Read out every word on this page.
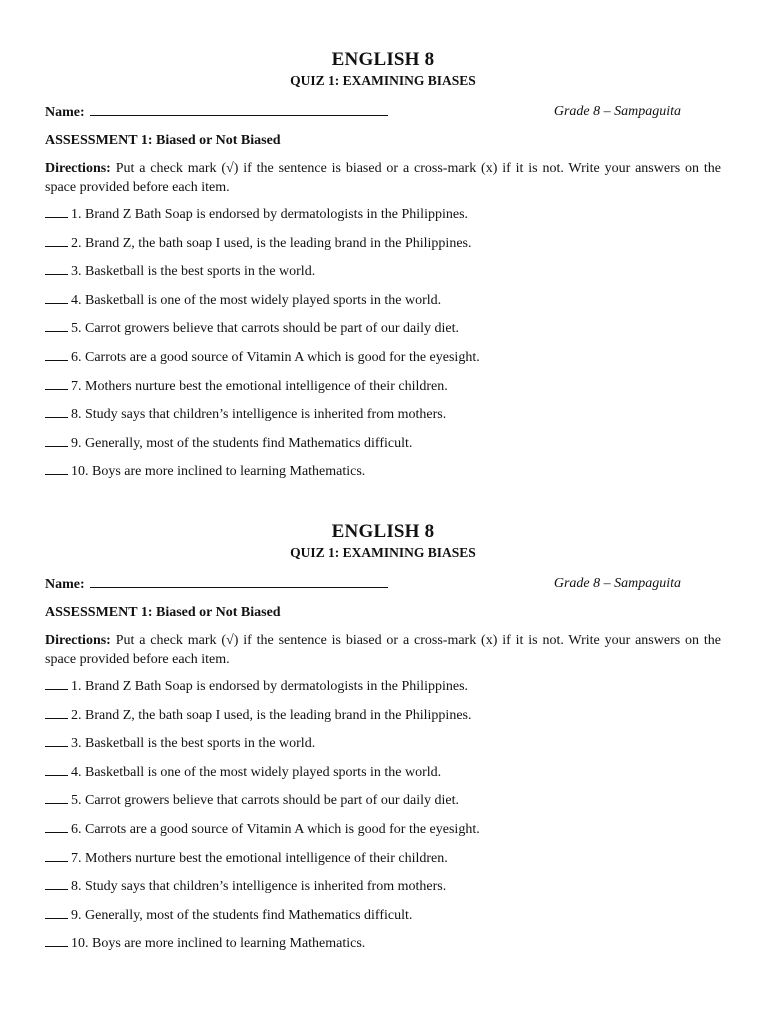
ENGLISH 8
QUIZ 1: EXAMINING BIASES
Name:	Grade 8 – Sampaguita
ASSESSMENT 1: Biased or Not Biased
Directions: Put a check mark (√) if the sentence is biased or a cross-mark (x) if it is not. Write your answers on the space provided before each item.
1. Brand Z Bath Soap is endorsed by dermatologists in the Philippines.
2. Brand Z, the bath soap I used, is the leading brand in the Philippines.
3. Basketball is the best sports in the world.
4. Basketball is one of the most widely played sports in the world.
5. Carrot growers believe that carrots should be part of our daily diet.
6. Carrots are a good source of Vitamin A which is good for the eyesight.
7. Mothers nurture best the emotional intelligence of their children.
8. Study says that children’s intelligence is inherited from mothers.
9. Generally, most of the students find Mathematics difficult.
10. Boys are more inclined to learning Mathematics.
ENGLISH 8
QUIZ 1: EXAMINING BIASES
Name:	Grade 8 – Sampaguita
ASSESSMENT 1: Biased or Not Biased
Directions: Put a check mark (√) if the sentence is biased or a cross-mark (x) if it is not. Write your answers on the space provided before each item.
1. Brand Z Bath Soap is endorsed by dermatologists in the Philippines.
2. Brand Z, the bath soap I used, is the leading brand in the Philippines.
3. Basketball is the best sports in the world.
4. Basketball is one of the most widely played sports in the world.
5. Carrot growers believe that carrots should be part of our daily diet.
6. Carrots are a good source of Vitamin A which is good for the eyesight.
7. Mothers nurture best the emotional intelligence of their children.
8. Study says that children’s intelligence is inherited from mothers.
9. Generally, most of the students find Mathematics difficult.
10. Boys are more inclined to learning Mathematics.
